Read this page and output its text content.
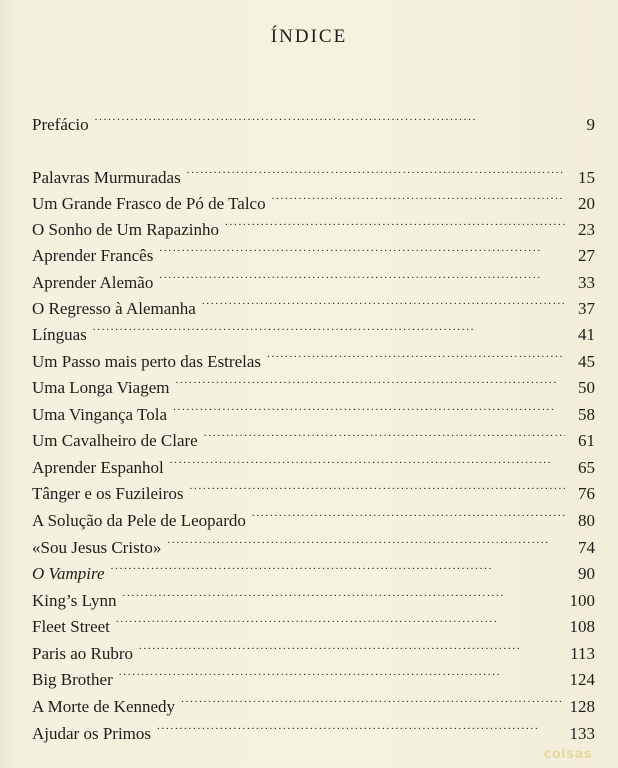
ÍNDICE
Prefácio . . .	9
Palavras Murmuradas . . .	15
Um Grande Frasco de Pó de Talco . . .	20
O Sonho de Um Rapazinho . . .	23
Aprender Francês . . .	27
Aprender Alemão . . .	33
O Regresso à Alemanha . . .	37
Línguas . . .	41
Um Passo mais perto das Estrelas . . .	45
Uma Longa Viagem . . .	50
Uma Vingança Tola . . .	58
Um Cavalheiro de Clare . . .	61
Aprender Espanhol . . .	65
Tânger e os Fuzileiros . . .	76
A Solução da Pele de Leopardo . . .	80
«Sou Jesus Cristo» . . .	74
O Vampire . . .	90
King’s Lynn . . .	100
Fleet Street . . .	108
Paris ao Rubro . . .	113
Big Brother . . .	124
A Morte de Kennedy . . .	128
Ajudar os Primos . . .	133
coisas
